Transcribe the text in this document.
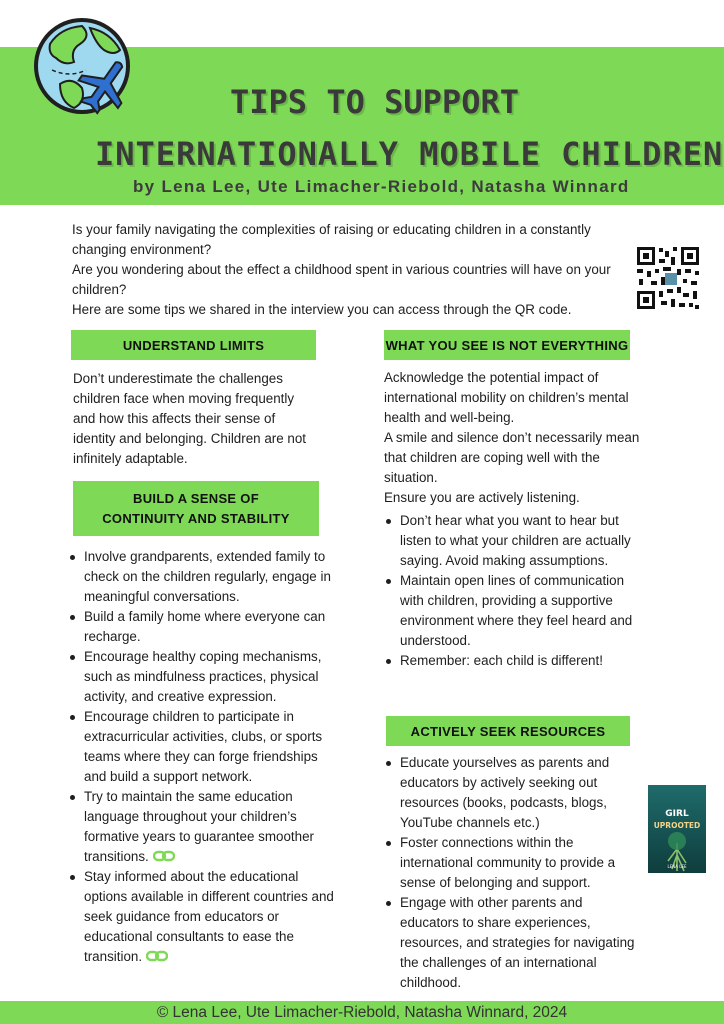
TIPS TO SUPPORT
INTERNATIONALLY MOBILE CHILDREN

by Lena Lee, Ute Limacher-Riebold, Natasha Winnard

Is your family navigating the complexities of raising or educating children in a constantly changing environment?

Are you wondering about the effect a childhood spent in various countries will have on your children?

Here are some tips we shared in the interview you can access through the QR code.

UNDERSTAND LIMITS

Don’t underestimate the challenges children face when moving frequently and how this affects their sense of identity and belonging. Children are not infinitely adaptable.

BUILD A SENSE OF
CONTINUITY AND STABILITY
Involve grandparents, extended family to check on the children regularly, engage in meaningful conversations.
Build a family home where everyone can recharge.
Encourage healthy coping mechanisms, such as mindfulness practices, physical activity, and creative expression.
Encourage children to participate in extracurricular activities, clubs, or sports teams where they can forge friendships and build a support network.
Try to maintain the same education language throughout your children’s formative years to guarantee smoother transitions.
Stay informed about the educational options available in different countries and seek guidance from educators or educational consultants to ease the transition.
WHAT YOU SEE IS NOT EVERYTHING

Acknowledge the potential impact of international mobility on children’s mental health and well-being.

A smile and silence don’t necessarily mean that children are coping well with the situation.

Ensure you are actively listening.

Don’t hear what you want to hear but listen to what your children are actually saying. Avoid making assumptions.
Maintain open lines of communication with children, providing a supportive environment where they feel heard and understood.
Remember: each child is different!
ACTIVELY SEEK RESOURCES
Educate yourselves as parents and educators by actively seeking out resources (books, podcasts, blogs, YouTube channels etc.)
Foster connections within the international community to provide a sense of belonging and support.
Engage with other parents and educators to share experiences, resources, and strategies for navigating the challenges of an international childhood.
GIRL
UPROOTED
LENA LEE
© Lena Lee, Ute Limacher-Riebold, Natasha Winnard, 2024
